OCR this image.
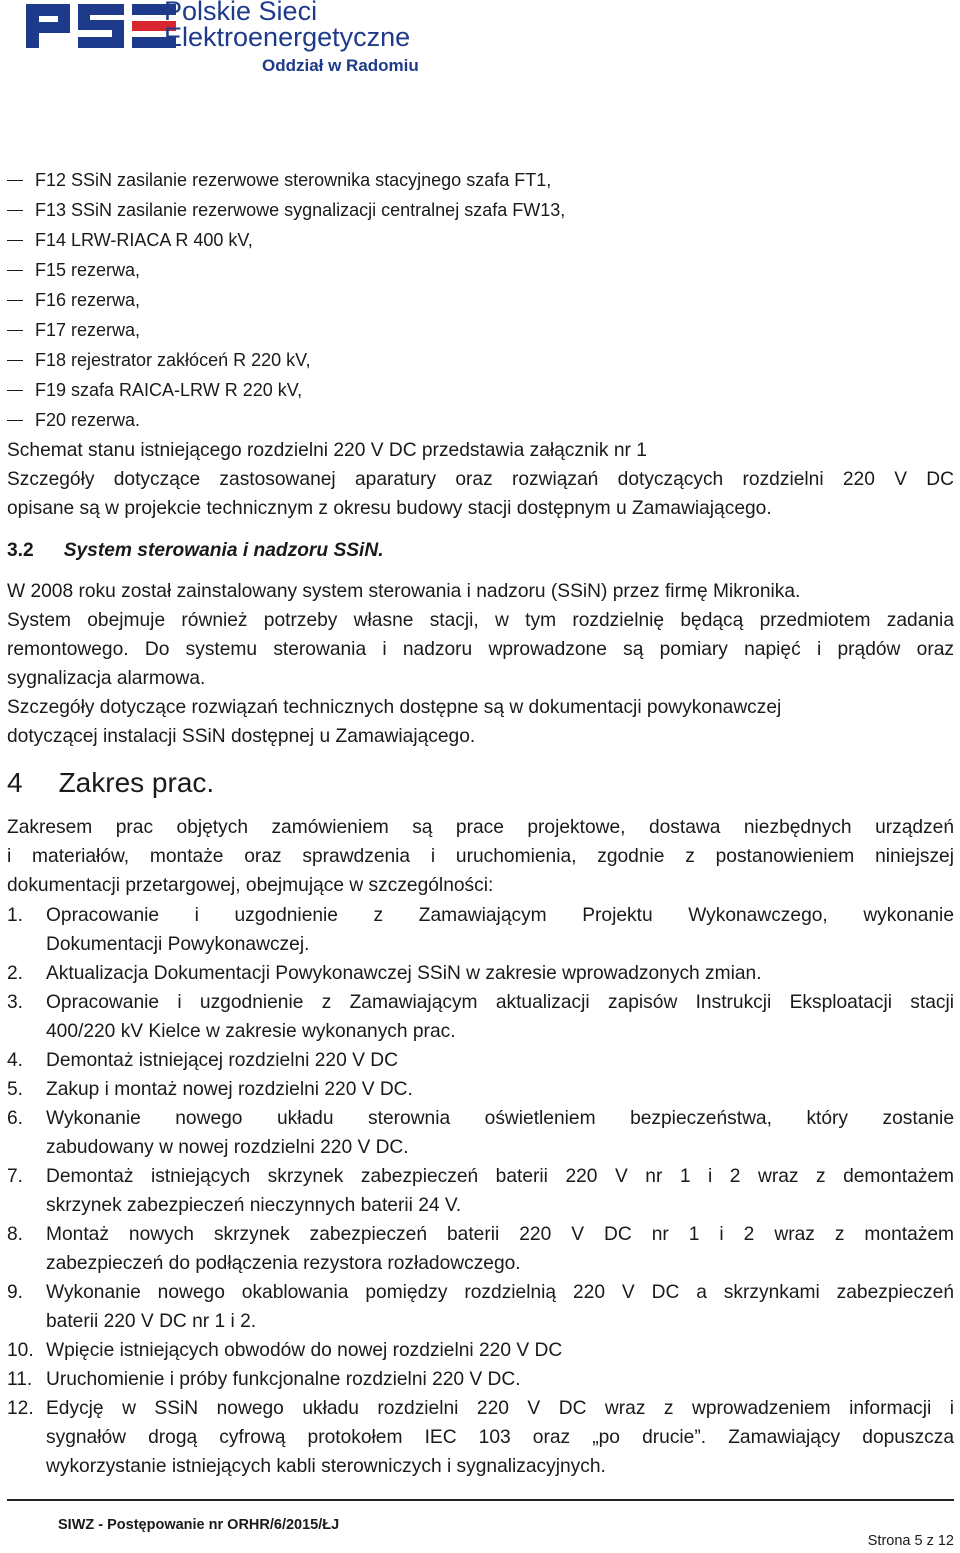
Polskie Sieci
Elektroenergetyczne
Oddział w Radomiu
F12 SSiN zasilanie rezerwowe sterownika stacyjnego szafa FT1,
F13 SSiN zasilanie rezerwowe sygnalizacji centralnej szafa FW13,
F14 LRW-RIACA R 400 kV,
F15 rezerwa,
F16 rezerwa,
F17 rezerwa,
F18 rejestrator zakłóceń R 220 kV,
F19 szafa RAICA-LRW R 220 kV,
F20 rezerwa.
Schemat stanu istniejącego rozdzielni 220 V DC przedstawia załącznik nr 1
Szczegóły dotyczące zastosowanej aparatury oraz rozwiązań dotyczących rozdzielni 220 V DC
opisane są w projekcie technicznym z okresu budowy stacji dostępnym u Zamawiającego.
3.2 System sterowania i nadzoru SSiN.
W 2008 roku został zainstalowany system sterowania i nadzoru (SSiN) przez firmę Mikronika.
System obejmuje również potrzeby własne stacji, w tym rozdzielnię będącą przedmiotem zadania
remontowego. Do systemu sterowania i nadzoru wprowadzone są pomiary napięć i prądów oraz
sygnalizacja alarmowa.
Szczegóły dotyczące rozwiązań technicznych dostępne są w dokumentacji powykonawczej
dotyczącej instalacji SSiN dostępnej u Zamawiającego.
4 Zakres prac.
Zakresem prac objętych zamówieniem są prace projektowe, dostawa niezbędnych urządzeń
i materiałów, montaże oraz sprawdzenia i uruchomienia, zgodnie z postanowieniem niniejszej
dokumentacji przetargowej, obejmujące w szczególności:
1. Opracowanie i uzgodnienie z Zamawiającym Projektu Wykonawczego, wykonanie
Dokumentacji Powykonawczej.
2. Aktualizacja Dokumentacji Powykonawczej SSiN w zakresie wprowadzonych zmian.
3. Opracowanie i uzgodnienie z Zamawiającym aktualizacji zapisów Instrukcji Eksploatacji stacji
400/220 kV Kielce w zakresie wykonanych prac.
4. Demontaż istniejącej rozdzielni 220 V DC
5. Zakup i montaż nowej rozdzielni 220 V DC.
6. Wykonanie nowego układu sterownia oświetleniem bezpieczeństwa, który zostanie
zabudowany w nowej rozdzielni 220 V DC.
7. Demontaż istniejących skrzynek zabezpieczeń baterii 220 V nr 1 i 2 wraz z demontażem
skrzynek zabezpieczeń nieczynnych baterii 24 V.
8. Montaż nowych skrzynek zabezpieczeń baterii 220 V DC nr 1 i 2 wraz z montażem
zabezpieczeń do podłączenia rezystora rozładowczego.
9. Wykonanie nowego okablowania pomiędzy rozdzielnią 220 V DC a skrzynkami zabezpieczeń
baterii 220 V DC nr 1 i 2.
10. Wpięcie istniejących obwodów do nowej rozdzielni 220 V DC
11. Uruchomienie i próby funkcjonalne rozdzielni 220 V DC.
12. Edycję w SSiN nowego układu rozdzielni 220 V DC wraz z wprowadzeniem informacji i
sygnałów drogą cyfrową protokołem IEC 103 oraz „po drucie”. Zamawiający dopuszcza
wykorzystanie istniejących kabli sterowniczych i sygnalizacyjnych.
SIWZ - Postępowanie nr ORHR/6/2015/ŁJ
Strona 5 z 12
